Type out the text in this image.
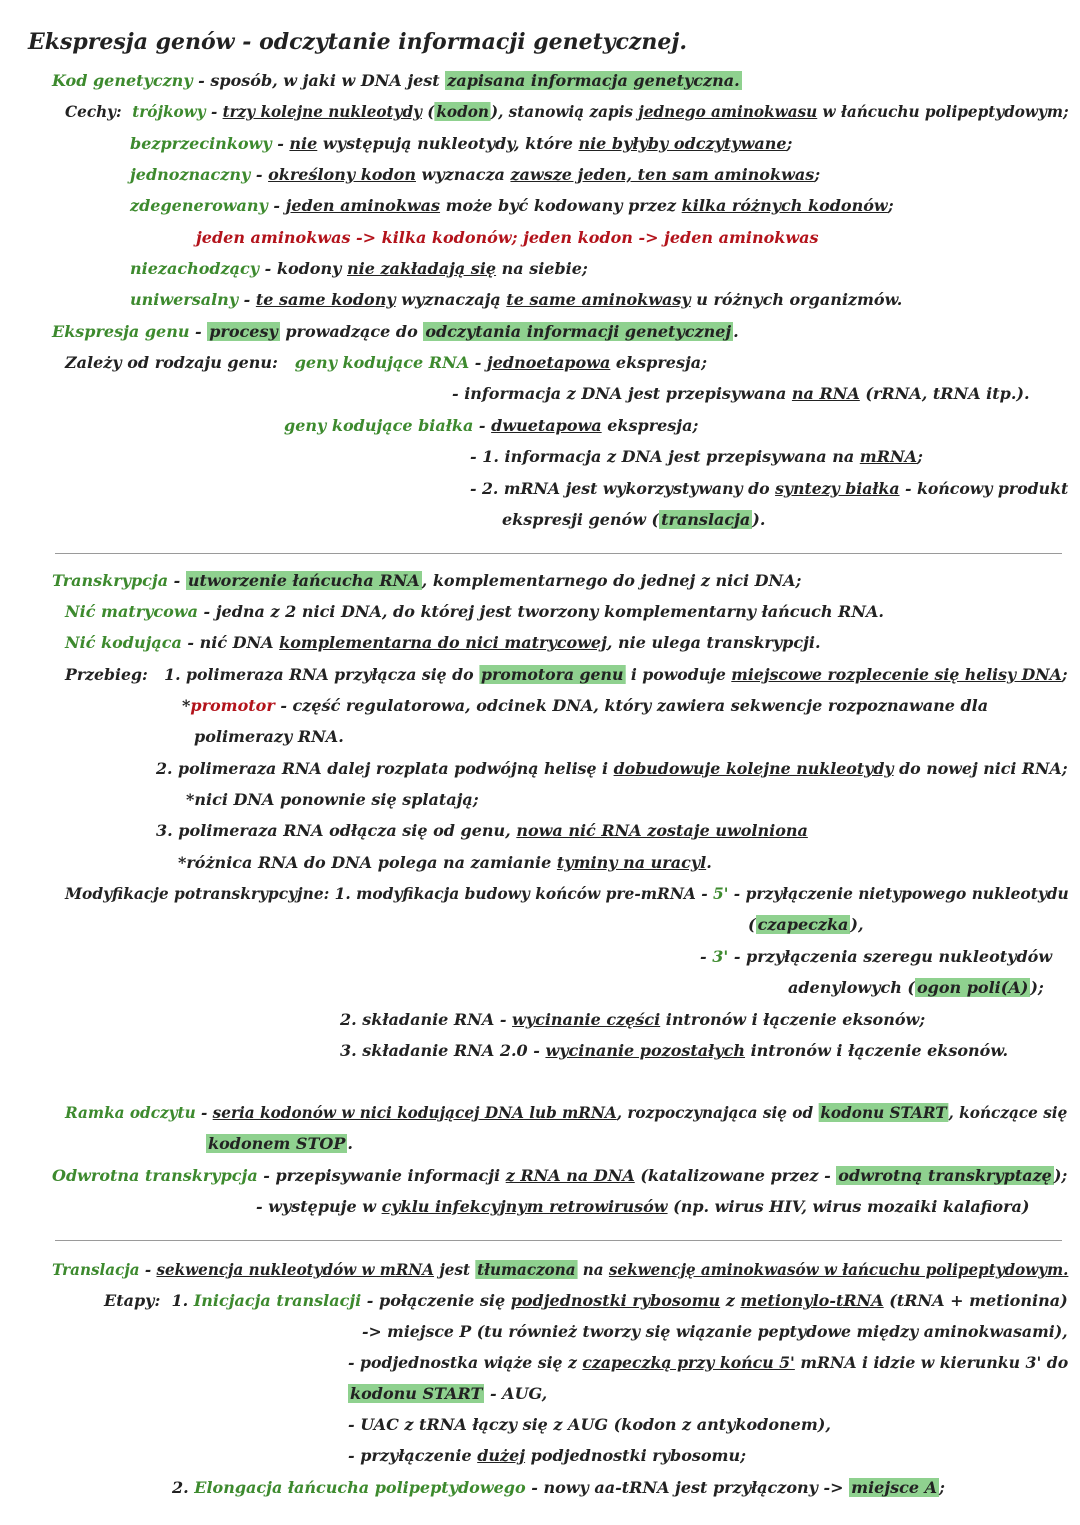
Ekspresja genów - odczytanie informacji genetycznej.
Kod genetyczny - sposób, w jaki w DNA jest zapisana informacja genetyczna.
Cechy: trójkowy - trzy kolejne nukleotydy ( kodon ), stanowią zapis jednego aminokwasu w łańcuchu polipeptydowym;
bezprzecinkowy - nie występują nukleotydy, które nie byłyby odczytywane;
jednoznaczny - określony kodon wyznacza zawsze jeden, ten sam aminokwas;
zdegenerowany - jeden aminokwas może być kodowany przez kilka różnych kodonów;
jeden aminokwas -> kilka kodonów; jeden kodon -> jeden aminokwas
niezachodzący - kodony nie zakładają się na siebie;
uniwersalny - te same kodony wyznaczają te same aminokwasy u różnych organizmów.
Ekspresja genu - procesy prowadzące do odczytania informacji genetycznej .
Zależy od rodzaju genu: geny kodujące RNA - jednoetapowa ekspresja;
- informacja z DNA jest przepisywana na RNA (rRNA, tRNA itp.).
geny kodujące białka - dwuetapowa ekspresja;
- 1. informacja z DNA jest przepisywana na mRNA;
- 2. mRNA jest wykorzystywany do syntezy białka - końcowy produkt
ekspresji genów ( translacja ).
Transkrypcja - utworzenie łańcucha RNA , komplementarnego do jednej z nici DNA;
Nić matrycowa - jedna z 2 nici DNA, do której jest tworzony komplementarny łańcuch RNA.
Nić kodująca - nić DNA komplementarna do nici matrycowej, nie ulega transkrypcji.
Przebieg: 1. polimeraza RNA przyłącza się do promotora genu i powoduje miejscowe rozplecenie się helisy DNA;
*promotor - część regulatorowa, odcinek DNA, który zawiera sekwencje rozpoznawane dla
polimerazy RNA.
2. polimeraza RNA dalej rozplata podwójną helisę i dobudowuje kolejne nukleotydy do nowej nici RNA;
*nici DNA ponownie się splatają;
3. polimeraza RNA odłącza się od genu, nowa nić RNA zostaje uwolniona
*różnica RNA do DNA polega na zamianie tyminy na uracyl.
Modyfikacje potranskrypcyjne: 1. modyfikacja budowy końców pre-mRNA - 5' - przyłączenie nietypowego nukleotydu
( czapeczka ),
- 3' - przyłączenia szeregu nukleotydów
adenylowych ( ogon poli(A) );
2. składanie RNA - wycinanie części intronów i łączenie eksonów;
3. składanie RNA 2.0 - wycinanie pozostałych intronów i łączenie eksonów.
Ramka odczytu - seria kodonów w nici kodującej DNA lub mRNA, rozpoczynająca się od kodonu START , kończące się
kodonem STOP .
Odwrotna transkrypcja - przepisywanie informacji z RNA na DNA (katalizowane przez - odwrotną transkryptazę );
- występuje w cyklu infekcyjnym retrowirusów (np. wirus HIV, wirus mozaiki kalafiora)
Translacja - sekwencja nukleotydów w mRNA jest tłumaczona na sekwencję aminokwasów w łańcuchu polipeptydowym.
Etapy: 1. Inicjacja translacji - połączenie się podjednostki rybosomu z metionylo-tRNA (tRNA + metionina)
-> miejsce P (tu również tworzy się wiązanie peptydowe między aminokwasami),
- podjednostka wiąże się z czapeczką przy końcu 5' mRNA i idzie w kierunku 3' do
kodonu START - AUG,
- UAC z tRNA łączy się z AUG (kodon z antykodonem),
- przyłączenie dużej podjednostki rybosomu;
2. Elongacja łańcucha polipeptydowego - nowy aa-tRNA jest przyłączony -> miejsce A ;
